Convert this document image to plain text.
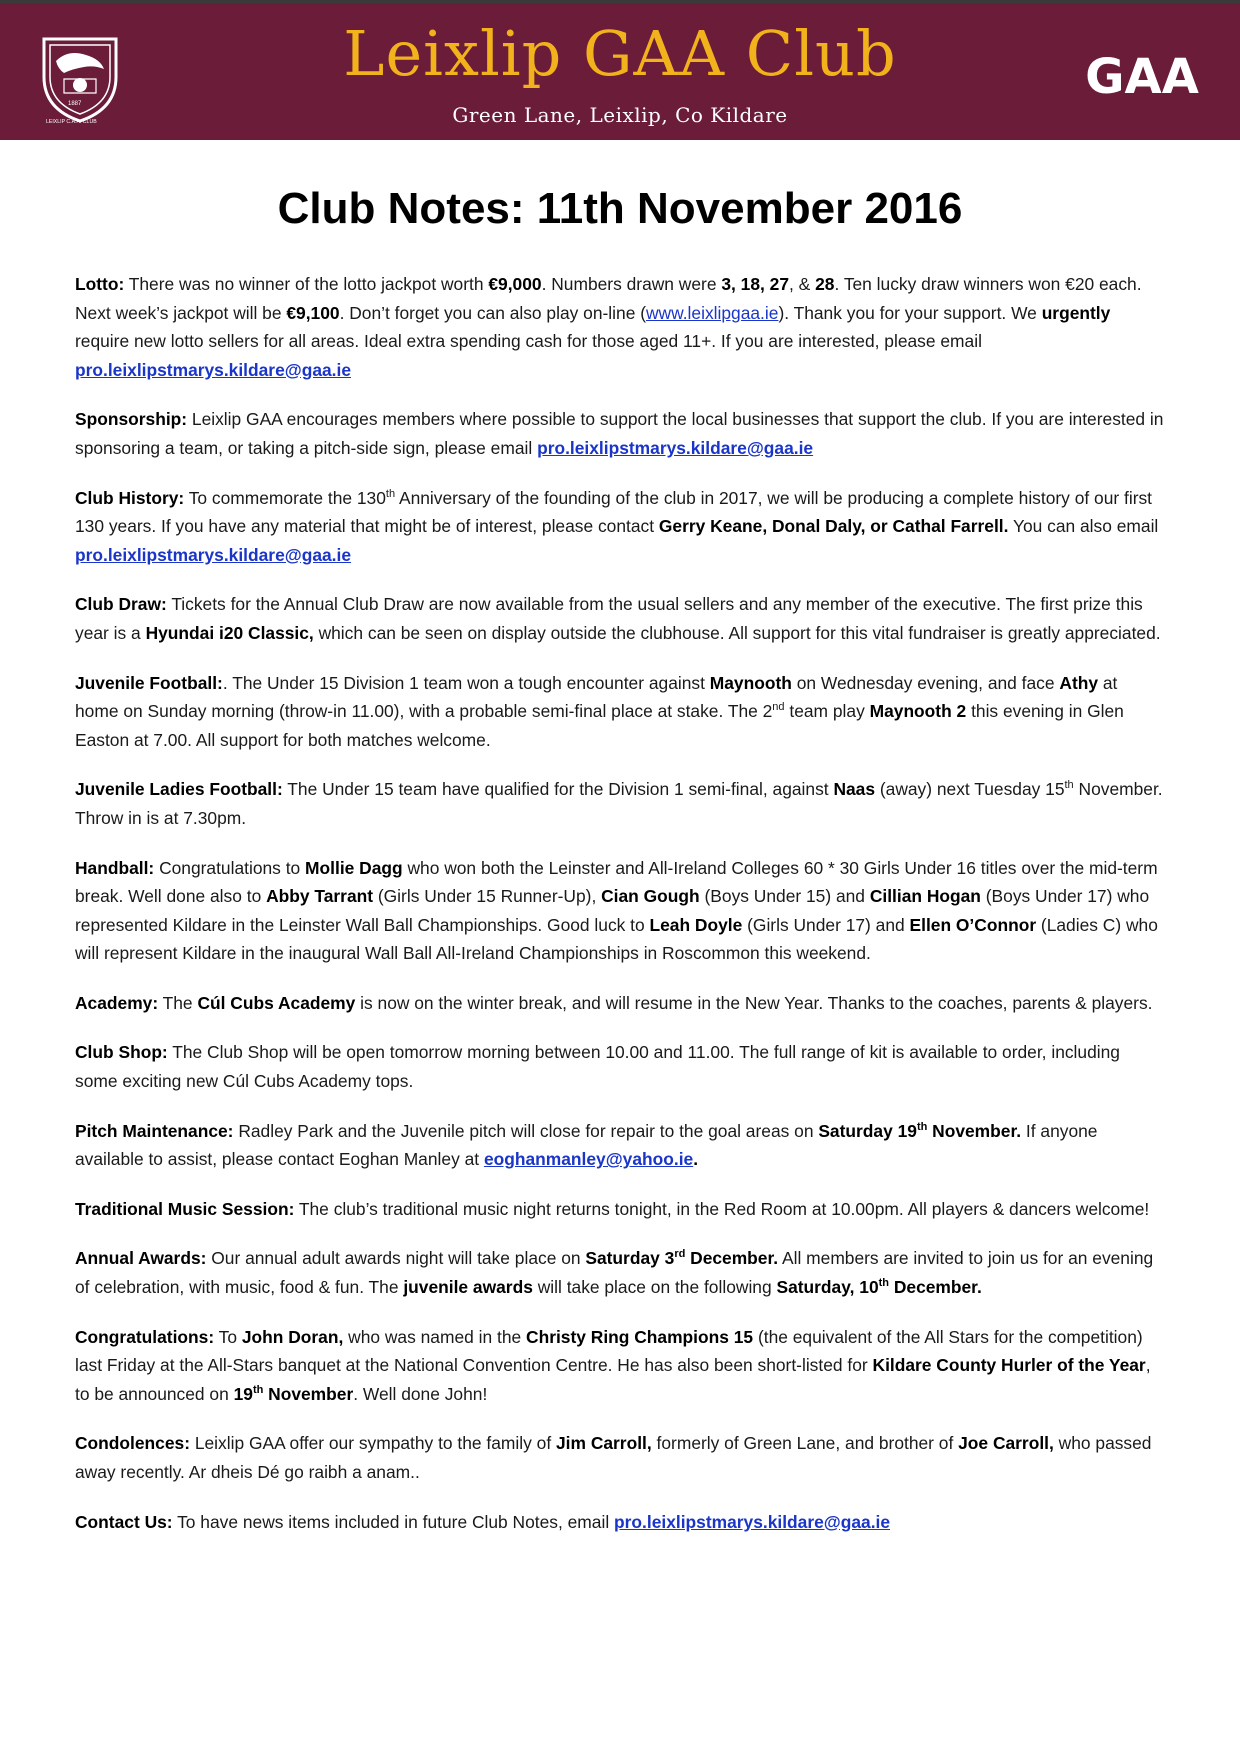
1887
LEIXLIP C.A.A. CLUB
Leixlip GAA Club
Green Lane, Leixlip, Co Kildare
GAA
Club Notes: 11th November 2016

Lotto: There was no winner of the lotto jackpot worth €9,000. Numbers drawn were 3, 18, 27, & 28. Ten lucky draw winners won €20 each. Next week’s jackpot will be €9,100. Don’t forget you can also play on-line (www.leixlipgaa.ie). Thank you for your support. We urgently require new lotto sellers for all areas. Ideal extra spending cash for those aged 11+. If you are interested, please email pro.leixlipstmarys.kildare@gaa.ie

Sponsorship: Leixlip GAA encourages members where possible to support the local businesses that support the club. If you are interested in sponsoring a team, or taking a pitch-side sign, please email pro.leixlipstmarys.kildare@gaa.ie

Club History: To commemorate the 130th Anniversary of the founding of the club in 2017, we will be producing a complete history of our first 130 years. If you have any material that might be of interest, please contact Gerry Keane, Donal Daly, or Cathal Farrell. You can also email pro.leixlipstmarys.kildare@gaa.ie

Club Draw: Tickets for the Annual Club Draw are now available from the usual sellers and any member of the executive. The first prize this year is a Hyundai i20 Classic, which can be seen on display outside the clubhouse. All support for this vital fundraiser is greatly appreciated.

Juvenile Football:. The Under 15 Division 1 team won a tough encounter against Maynooth on Wednesday evening, and face Athy at home on Sunday morning (throw-in 11.00), with a probable semi-final place at stake. The 2nd team play Maynooth 2 this evening in Glen Easton at 7.00. All support for both matches welcome.

Juvenile Ladies Football: The Under 15 team have qualified for the Division 1 semi-final, against Naas (away) next Tuesday 15th November. Throw in is at 7.30pm.

Handball: Congratulations to Mollie Dagg who won both the Leinster and All-Ireland Colleges 60 * 30 Girls Under 16 titles over the mid-term break. Well done also to Abby Tarrant (Girls Under 15 Runner-Up), Cian Gough (Boys Under 15) and Cillian Hogan (Boys Under 17) who represented Kildare in the Leinster Wall Ball Championships. Good luck to Leah Doyle (Girls Under 17) and Ellen O’Connor (Ladies C) who will represent Kildare in the inaugural Wall Ball All-Ireland Championships in Roscommon this weekend.

Academy: The Cúl Cubs Academy is now on the winter break, and will resume in the New Year. Thanks to the coaches, parents & players.

Club Shop: The Club Shop will be open tomorrow morning between 10.00 and 11.00. The full range of kit is available to order, including some exciting new Cúl Cubs Academy tops.

Pitch Maintenance: Radley Park and the Juvenile pitch will close for repair to the goal areas on Saturday 19th November. If anyone available to assist, please contact Eoghan Manley at eoghanmanley@yahoo.ie.

Traditional Music Session: The club’s traditional music night returns tonight, in the Red Room at 10.00pm. All players & dancers welcome!

Annual Awards: Our annual adult awards night will take place on Saturday 3rd December. All members are invited to join us for an evening of celebration, with music, food & fun. The juvenile awards will take place on the following Saturday, 10th December.

Congratulations: To John Doran, who was named in the Christy Ring Champions 15 (the equivalent of the All Stars for the competition) last Friday at the All-Stars banquet at the National Convention Centre. He has also been short-listed for Kildare County Hurler of the Year, to be announced on 19th November. Well done John!

Condolences: Leixlip GAA offer our sympathy to the family of Jim Carroll, formerly of Green Lane, and brother of Joe Carroll, who passed away recently. Ar dheis Dé go raibh a anam..

Contact Us: To have news items included in future Club Notes, email pro.leixlipstmarys.kildare@gaa.ie
